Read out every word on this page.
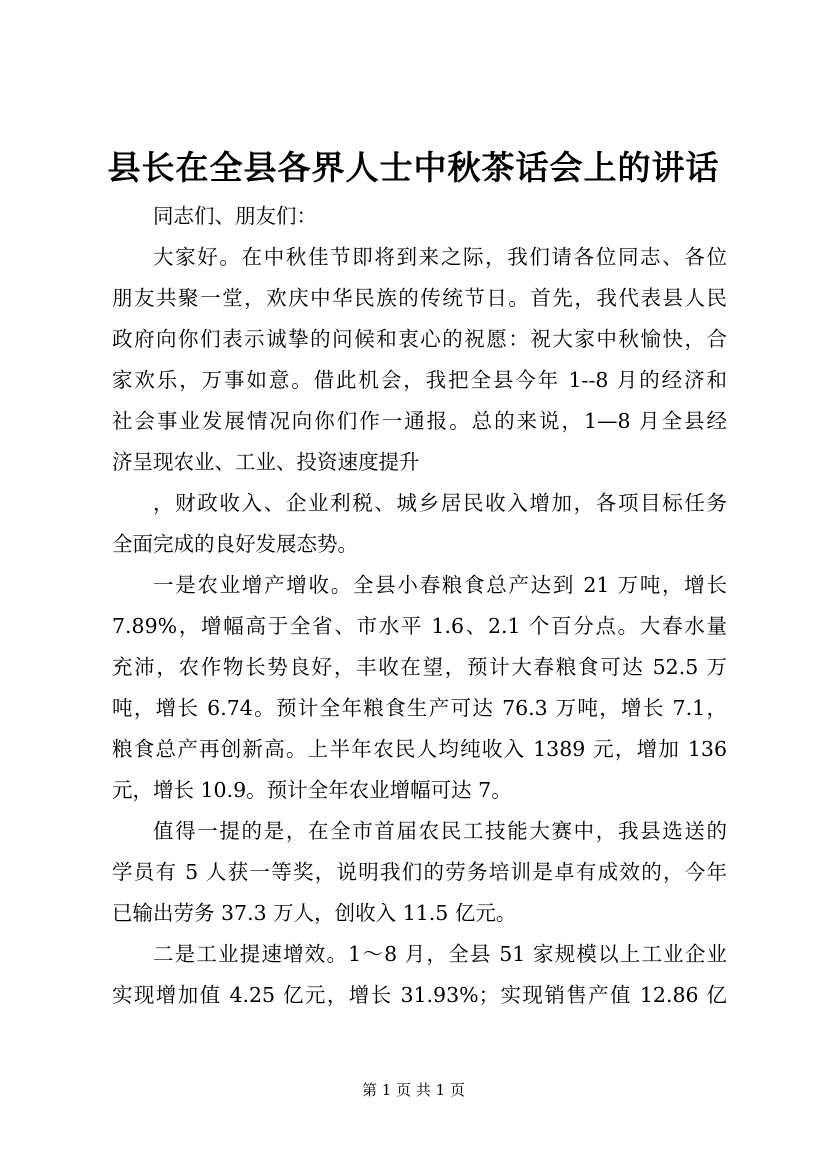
县长在全县各界人士中秋茶话会上的讲话
同志们、朋友们：
大家好。在中秋佳节即将到来之际，我们请各位同志、各位
朋友共聚一堂，欢庆中华民族的传统节日。首先，我代表县人民
政府向你们表示诚挚的问候和衷心的祝愿：祝大家中秋愉快，合
家欢乐，万事如意。借此机会，我把全县今年 1--8 月的经济和
社会事业发展情况向你们作一通报。总的来说，1—8 月全县经
济呈现农业、工业、投资速度提升
，财政收入、企业利税、城乡居民收入增加，各项目标任务
全面完成的良好发展态势。
一是农业增产增收。全县小春粮食总产达到 21 万吨，增长
7.89%，增幅高于全省、市水平 1.6、2.1 个百分点。大春水量
充沛，农作物长势良好，丰收在望，预计大春粮食可达 52.5 万
吨，增长 6.74。预计全年粮食生产可达 76.3 万吨，增长 7.1，
粮食总产再创新高。上半年农民人均纯收入 1389 元，增加 136
元，增长 10.9。预计全年农业增幅可达 7。
值得一提的是，在全市首届农民工技能大赛中，我县选送的
学员有 5 人获一等奖，说明我们的劳务培训是卓有成效的，今年
已输出劳务 37.3 万人，创收入 11.5 亿元。
二是工业提速增效。1～8 月，全县 51 家规模以上工业企业
实现增加值 4.25 亿元，增长 31.93%；实现销售产值 12.86 亿
第 1 页 共 1 页
